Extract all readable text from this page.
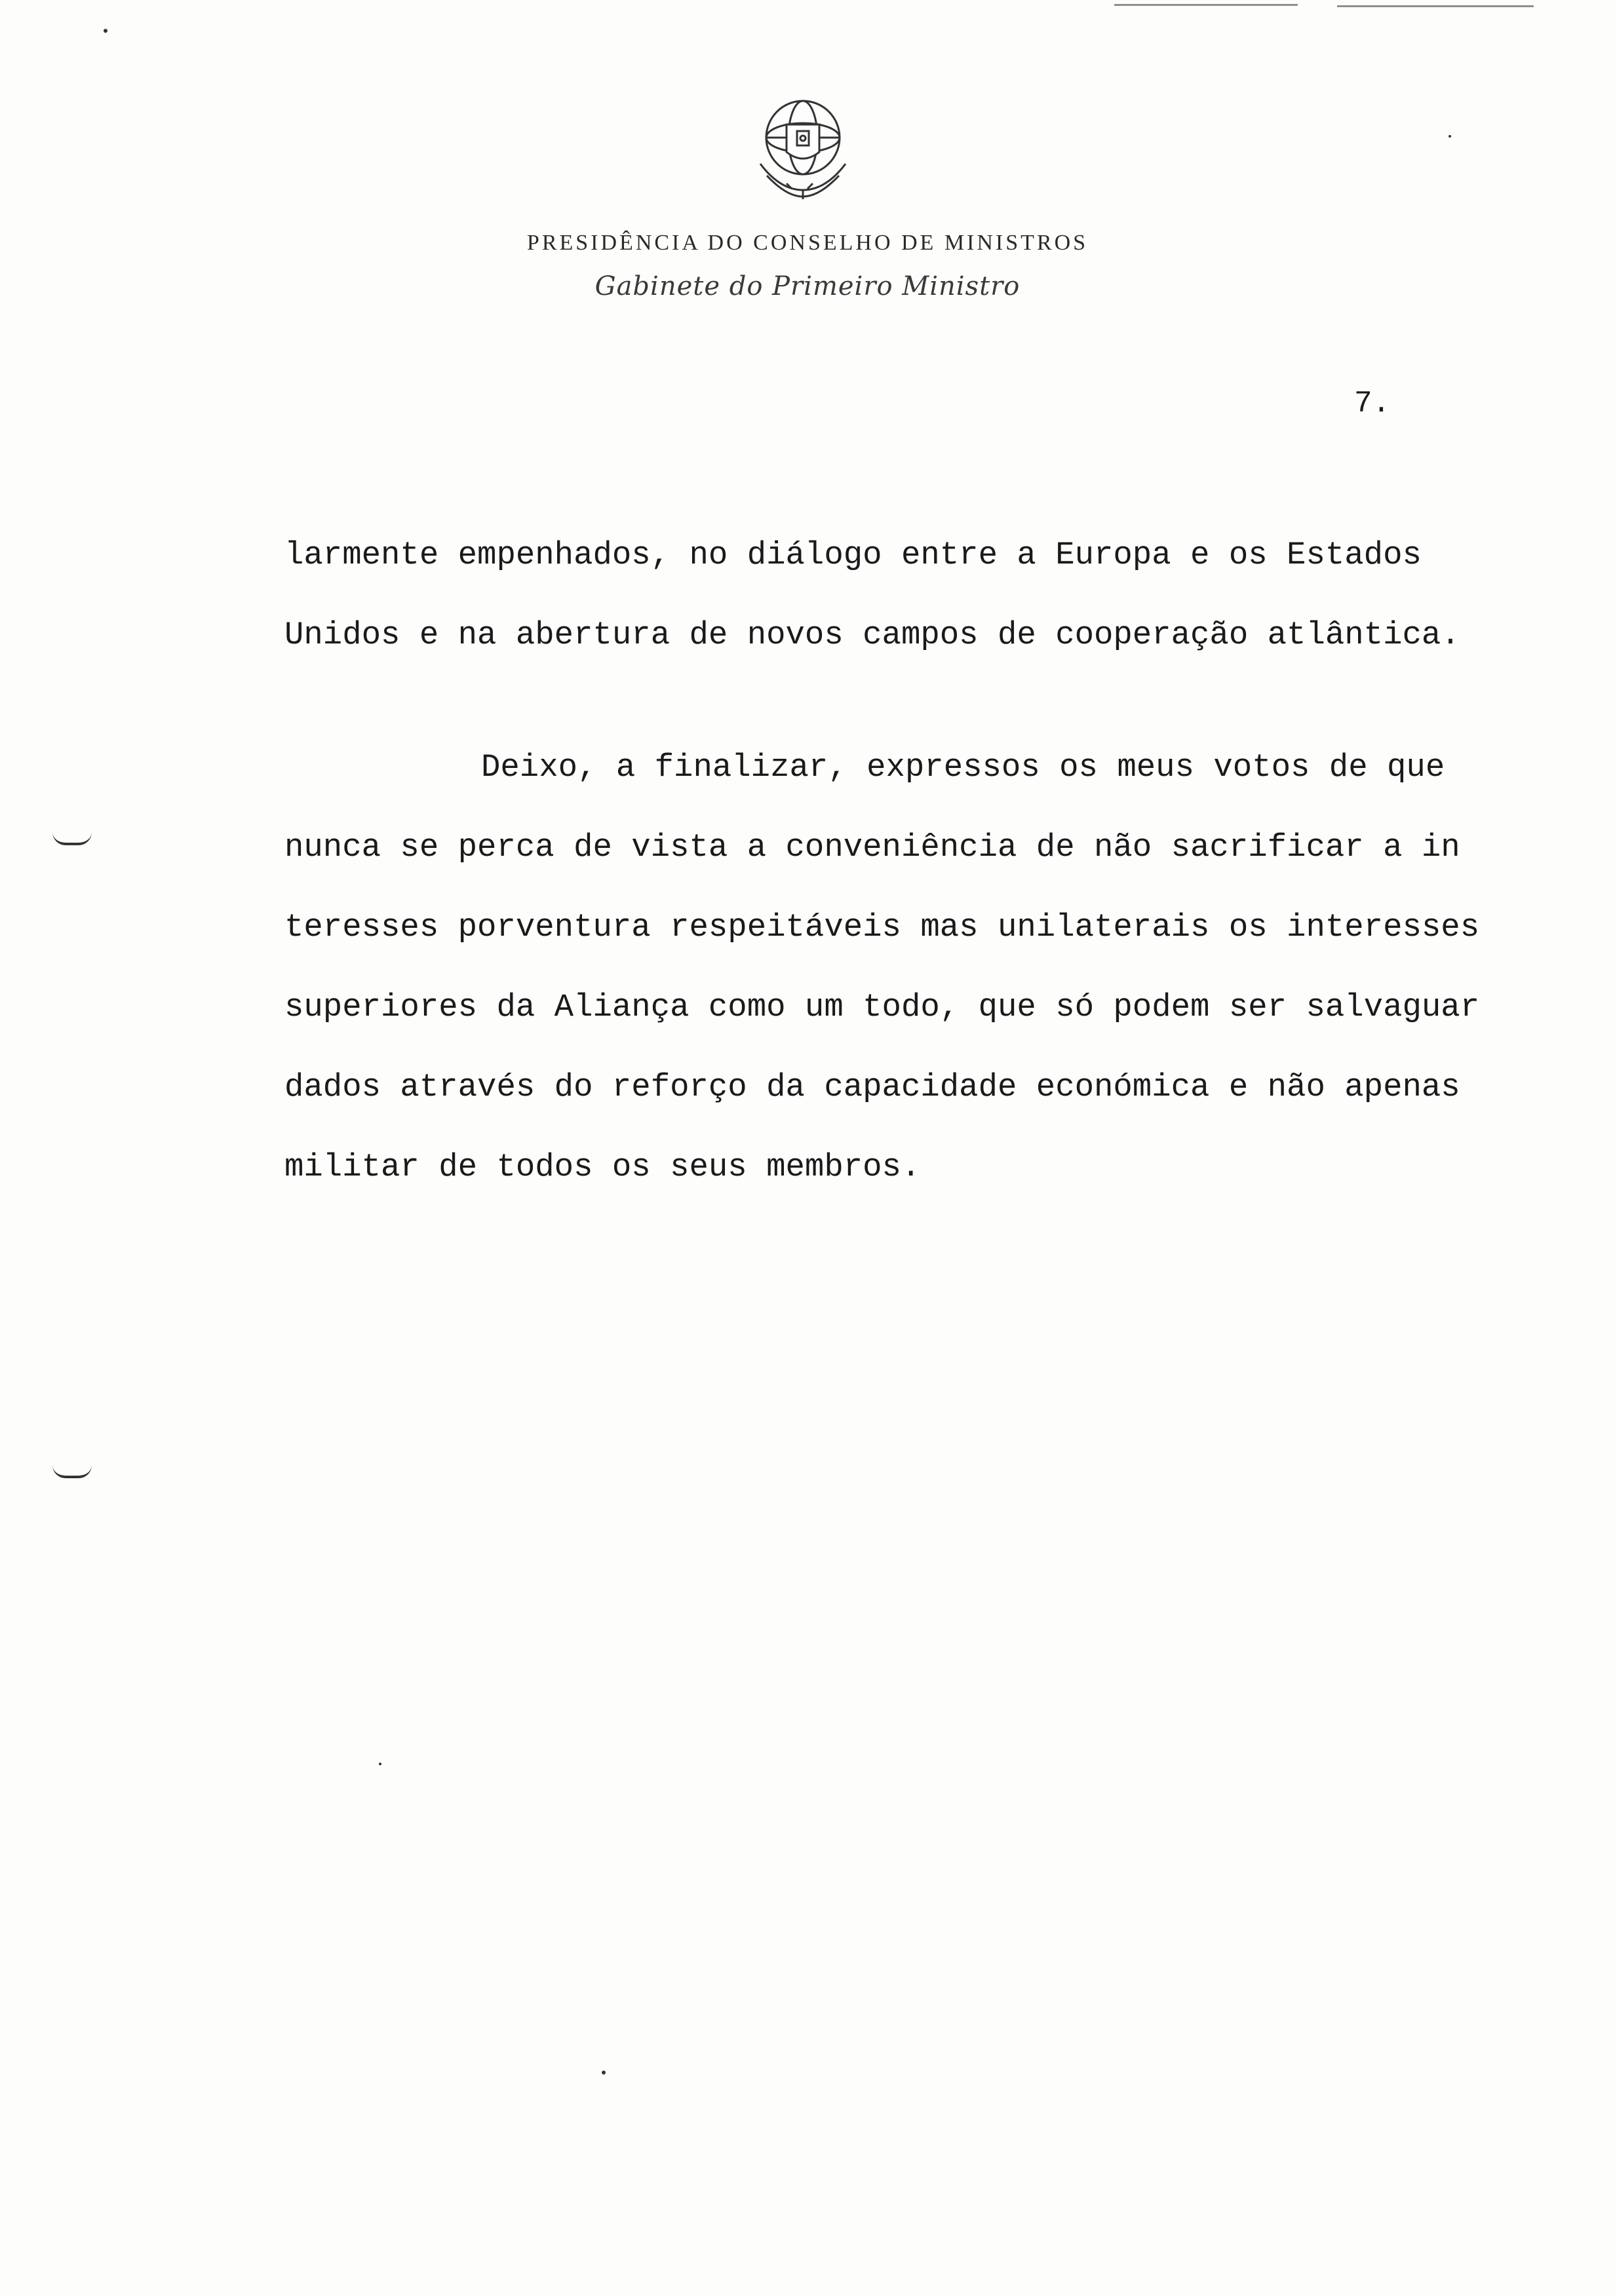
PRESIDÊNCIA DO CONSELHO DE MINISTROS
Gabinete do Primeiro Ministro
7.
larmente empenhados, no diálogo entre a Europa e os Estados
Unidos e na abertura de novos campos de cooperação atlântica.
Deixo, a finalizar, expressos os meus votos de que
nunca se perca de vista a conveniência de não sacrificar a in
teresses porventura respeitáveis mas unilaterais os interesses
superiores da Aliança como um todo, que só podem ser salvaguar
dados através do reforço da capacidade económica e não apenas
militar de todos os seus membros.
